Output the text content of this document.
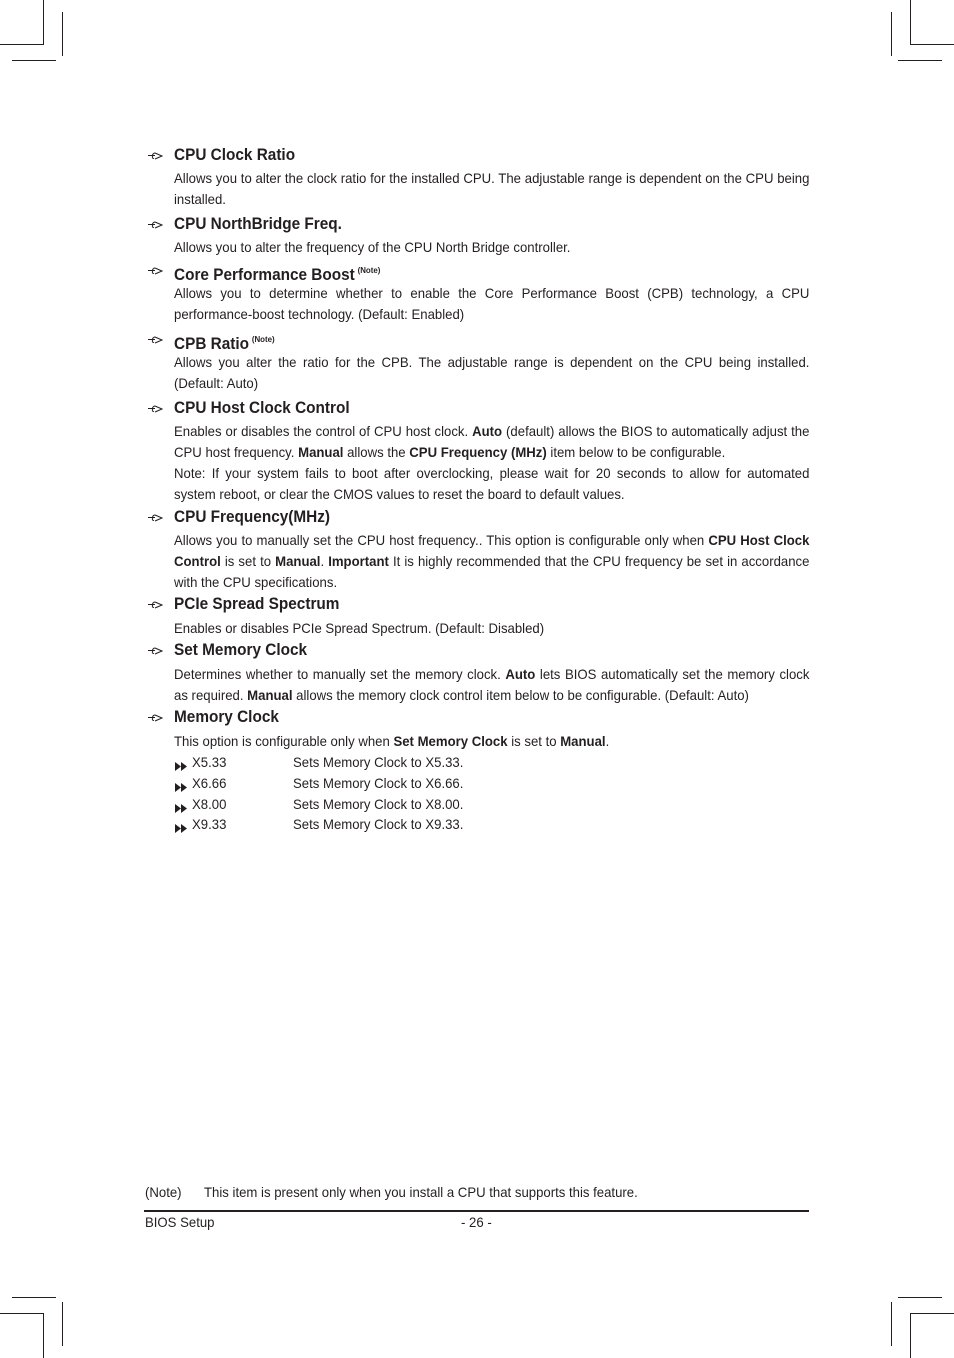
CPU Clock Ratio
Allows you to alter the clock ratio for the installed CPU. The adjustable range is dependent on the CPU being installed.
CPU NorthBridge Freq.
Allows you to alter the frequency of the CPU North Bridge controller.
Core Performance Boost $^{(Note)}$
Allows you to determine whether to enable the Core Performance Boost (CPB) technology, a CPU performance-boost technology. (Default: Enabled)
CPB Ratio $^{(Note)}$
Allows you alter the ratio for the CPB. The adjustable range is dependent on the CPU being installed. (Default: Auto)
CPU Host Clock Control
Enables or disables the control of CPU host clock. Auto (default) allows the BIOS to automatically adjust the CPU host frequency. Manual allows the CPU Frequency (MHz) item below to be configurable.
Note: If your system fails to boot after overclocking, please wait for 20 seconds to allow for automated system reboot, or clear the CMOS values to reset the board to default values.
CPU Frequency(MHz)
Allows you to manually set the CPU host frequency.. This option is configurable only when CPU Host Clock Control is set to Manual. Important It is highly recommended that the CPU frequency be set in accordance with the CPU specifications.
PCIe Spread Spectrum
Enables or disables PCIe Spread Spectrum. (Default: Disabled)
Set Memory Clock
Determines whether to manually set the memory clock. Auto lets BIOS automatically set the memory clock as required. Manual allows the memory clock control item below to be configurable. (Default: Auto)
Memory Clock
This option is configurable only when Set Memory Clock is set to Manual.
X5.33	Sets Memory Clock to X5.33.
X6.66	Sets Memory Clock to X6.66.
X8.00	Sets Memory Clock to X8.00.
X9.33	Sets Memory Clock to X9.33.
(Note) This item is present only when you install a CPU that supports this feature.
BIOS Setup	- 26 -
